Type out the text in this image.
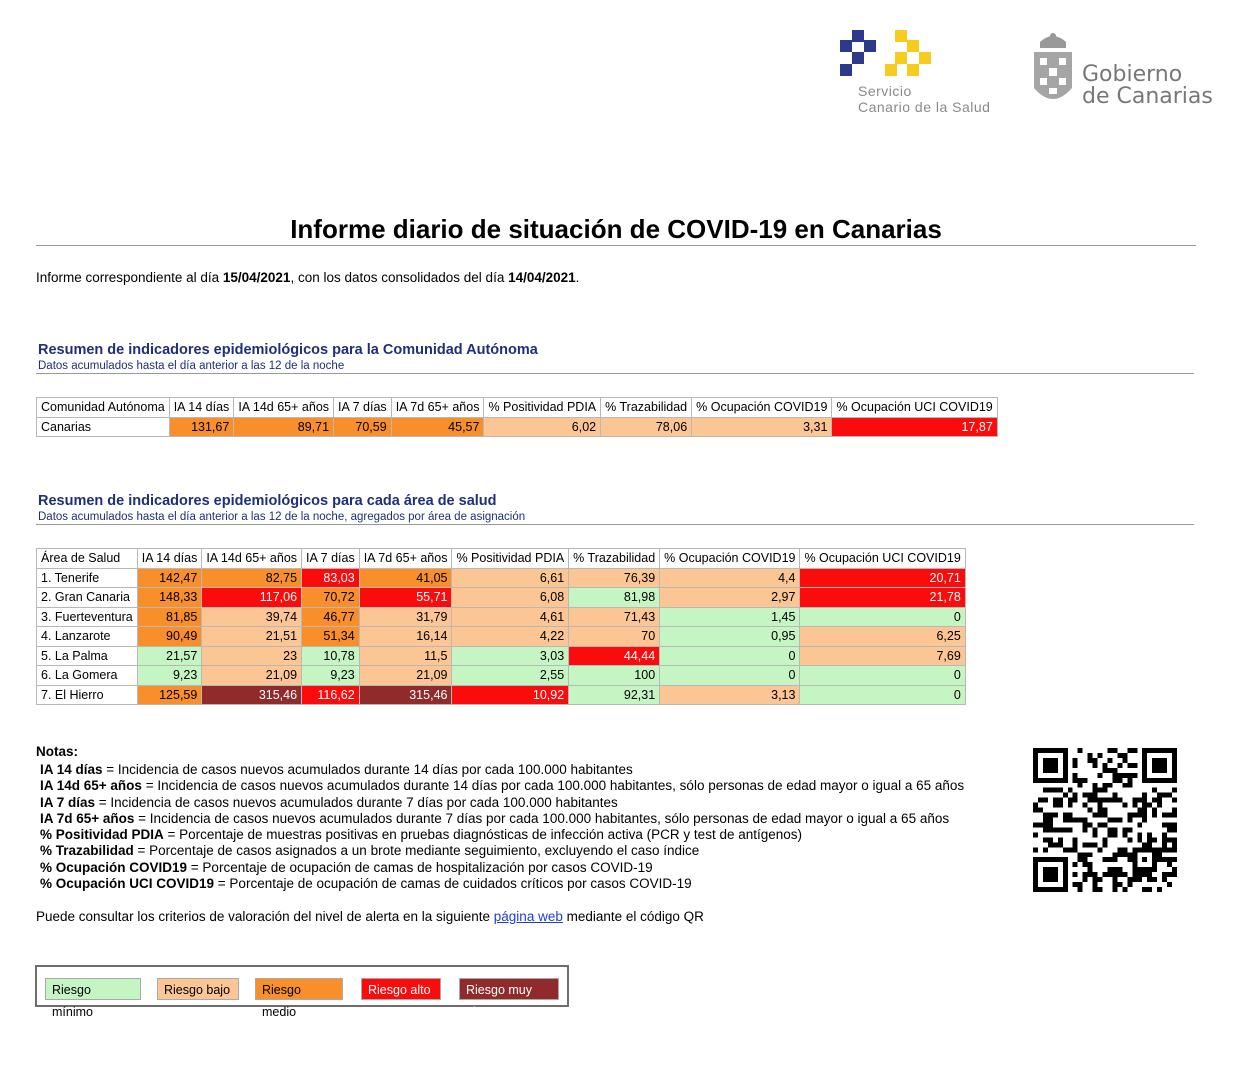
Servicio
Canario de la Salud
Gobierno
de Canarias
Informe diario de situación de COVID-19 en Canarias
Informe correspondiente al día 15/04/2021, con los datos consolidados del día 14/04/2021.
Resumen de indicadores epidemiológicos para la Comunidad Autónoma
Datos acumulados hasta el día anterior a las 12 de la noche
Comunidad Autónoma	IA 14 días	IA 14d 65+ años	IA 7 días	IA 7d 65+ años	% Positividad PDIA	% Trazabilidad	% Ocupación COVID19	% Ocupación UCI COVID19
Canarias	131,67	89,71	70,59	45,57	6,02	78,06	3,31	17,87
Resumen de indicadores epidemiológicos para cada área de salud
Datos acumulados hasta el día anterior a las 12 de la noche, agregados por área de asignación
Área de Salud	IA 14 días	IA 14d 65+ años	IA 7 días	IA 7d 65+ años	% Positividad PDIA	% Trazabilidad	% Ocupación COVID19	% Ocupación UCI COVID19
1. Tenerife	142,47	82,75	83,03	41,05	6,61	76,39	4,4	20,71
2. Gran Canaria	148,33	117,06	70,72	55,71	6,08	81,98	2,97	21,78
3. Fuerteventura	81,85	39,74	46,77	31,79	4,61	71,43	1,45	0
4. Lanzarote	90,49	21,51	51,34	16,14	4,22	70	0,95	6,25
5. La Palma	21,57	23	10,78	11,5	3,03	44,44	0	7,69
6. La Gomera	9,23	21,09	9,23	21,09	2,55	100	0	0
7. El Hierro	125,59	315,46	116,62	315,46	10,92	92,31	3,13	0
Notas:
IA 14 días = Incidencia de casos nuevos acumulados durante 14 días por cada 100.000 habitantes
IA 14d 65+ años = Incidencia de casos nuevos acumulados durante 14 días por cada 100.000 habitantes, sólo personas de edad mayor o igual a 65 años
IA 7 días = Incidencia de casos nuevos acumulados durante 7 días por cada 100.000 habitantes
IA 7d 65+ años = Incidencia de casos nuevos acumulados durante 7 días por cada 100.000 habitantes, sólo personas de edad mayor o igual a 65 años
% Positividad PDIA = Porcentaje de muestras positivas en pruebas diagnósticas de infección activa (PCR y test de antígenos)
% Trazabilidad = Porcentaje de casos asignados a un brote mediante seguimiento, excluyendo el caso índice
% Ocupación COVID19 = Porcentaje de ocupación de camas de hospitalización por casos COVID-19
% Ocupación UCI COVID19 = Porcentaje de ocupación de camas de cuidados críticos por casos COVID-19
Puede consultar los criterios de valoración del nivel de alerta en la siguiente página web mediante el código QR
Riesgo mínimo
Riesgo bajo	Riesgo medio
Riesgo alto	Riesgo muy alto
